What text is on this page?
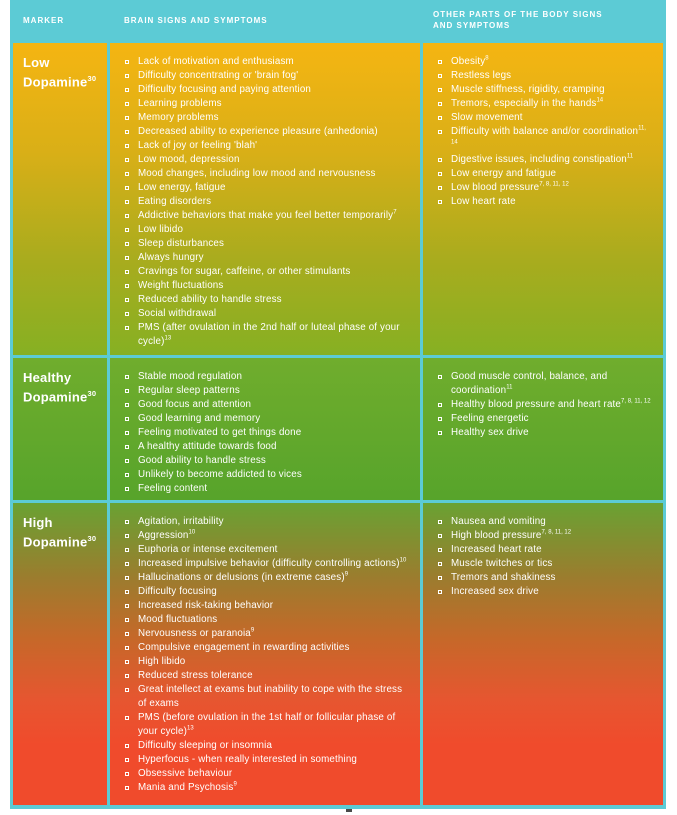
MARKER	BRAIN SIGNS AND SYMPTOMS
OTHER PARTS OF THE BODY SIGNS AND SYMPTOMS
Low
Dopamine$^{30}$
Lack of motivation and enthusiasm
Difficulty concentrating or 'brain fog'
Difficulty focusing and paying attention
Learning problems
Memory problems
Decreased ability to experience pleasure (anhedonia)
Lack of joy or feeling 'blah'
Low mood, depression
Mood changes, including low mood and nervousness
Low energy, fatigue
Eating disorders
Addictive behaviors that make you feel better temporarily$^7$
Low libido
Sleep disturbances
Always hungry
Cravings for sugar, caffeine, or other stimulants
Weight fluctuations
Reduced ability to handle stress
Social withdrawal
PMS (after ovulation in the 2nd half or luteal phase of your cycle)$^{13}$
Obesity$^8$
Restless legs
Muscle stiffness, rigidity, cramping
Tremors, especially in the hands$^{14}$
Slow movement
Difficulty with balance and/or coordination$^{11, 14}$
Digestive issues, including constipation$^{11}$
Low energy and fatigue
Low blood pressure$^{7, 8, 11, 12}$
Low heart rate
Healthy
Dopamine$^{30}$
Stable mood regulation
Regular sleep patterns
Good focus and attention
Good learning and memory
Feeling motivated to get things done
A healthy attitude towards food
Good ability to handle stress
Unlikely to become addicted to vices
Feeling content
Good muscle control, balance, and coordination$^{11}$
Healthy blood pressure and heart rate$^{7, 8, 11, 12}$
Feeling energetic
Healthy sex drive
High
Dopamine$^{30}$
Agitation, irritability
Aggression$^{10}$
Euphoria or intense excitement
Increased impulsive behavior (difficulty controlling actions)$^{10}$
Hallucinations or delusions (in extreme cases)$^9$
Difficulty focusing
Increased risk-taking behavior
Mood fluctuations
Nervousness or paranoia$^9$
Compulsive engagement in rewarding activities
High libido
Reduced stress tolerance
Great intellect at exams but inability to cope with the stress of exams
PMS (before ovulation in the 1st half or follicular phase of your cycle)$^{13}$
Difficulty sleeping or insomnia
Hyperfocus - when really interested in something
Obsessive behaviour
Mania and Psychosis$^9$
Nausea and vomiting
High blood pressure$^{7, 8, 11, 12}$
Increased heart rate
Muscle twitches or tics
Tremors and shakiness
Increased sex drive
